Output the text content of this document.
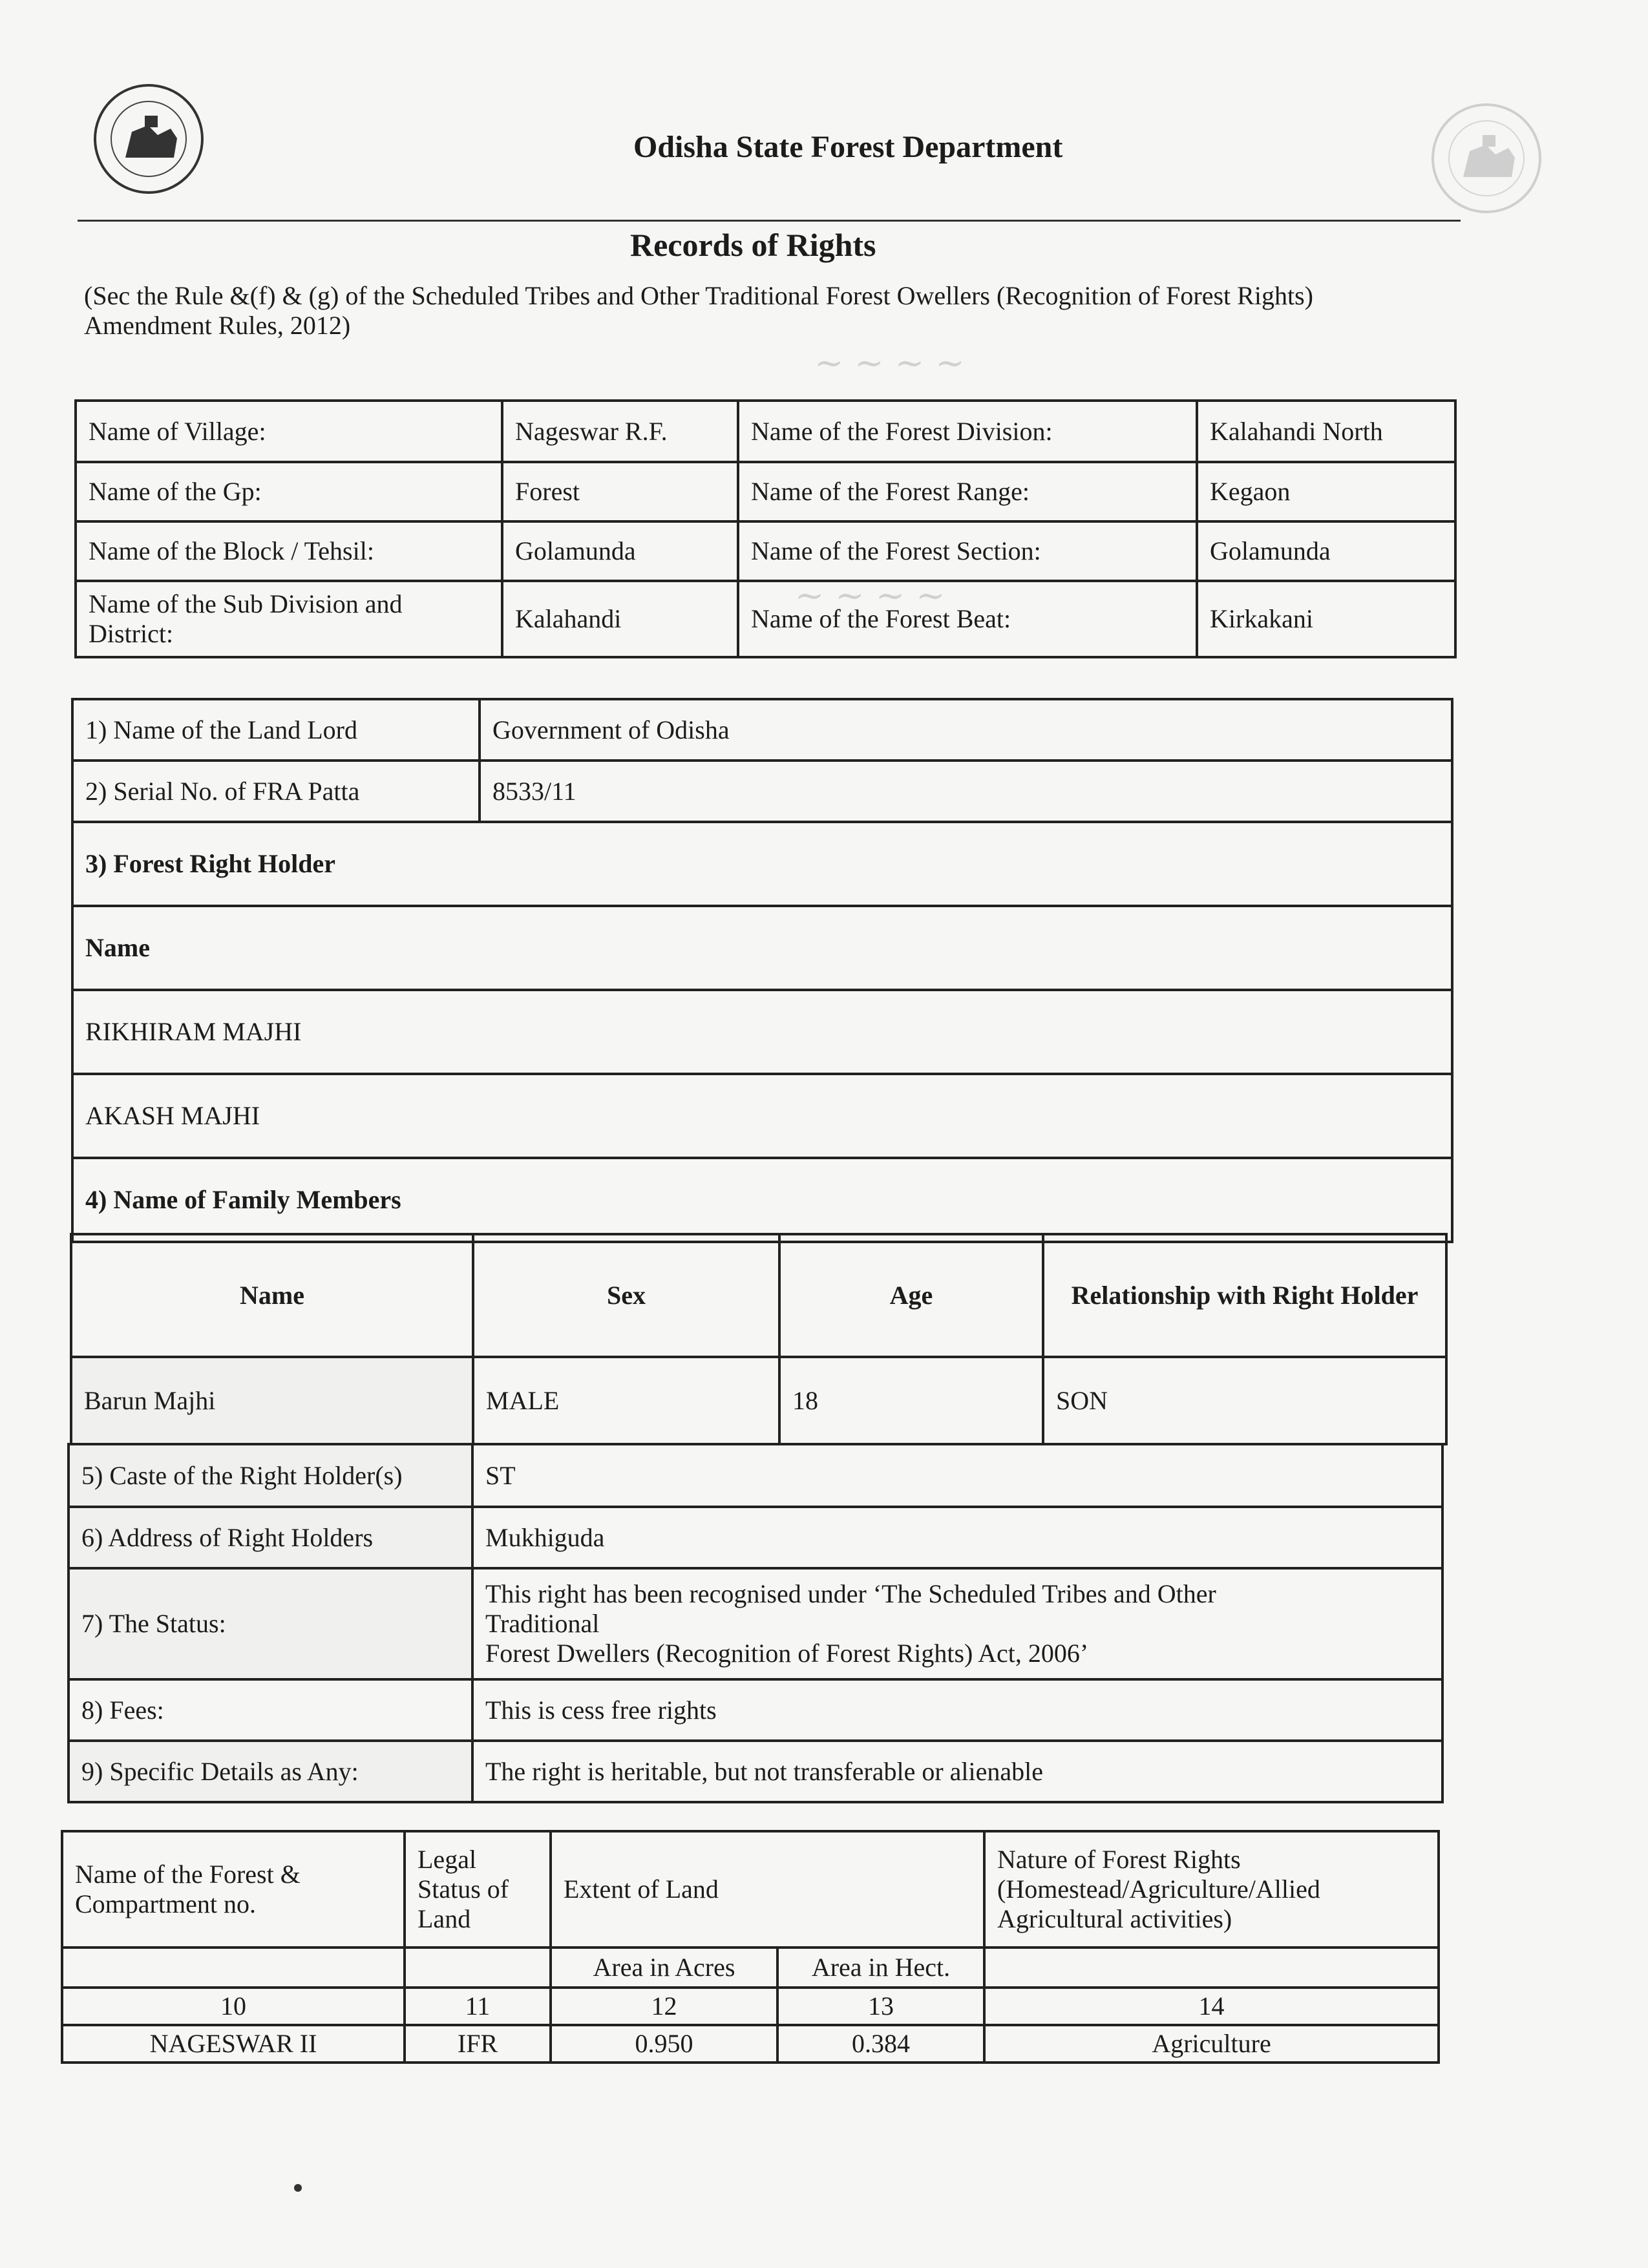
~ ~ ~ ~
~ ~ ~ ~
Odisha State Forest Department
Records of Rights
(Sec the Rule &(f) & (g) of the Scheduled Tribes and Other Traditional Forest Owellers (Recognition of Forest Rights) Amendment Rules, 2012)
Name of Village:	Nageswar R.F.	Name of the Forest Division:	Kalahandi North
Name of the Gp:	Forest	Name of the Forest Range:	Kegaon
Name of the Block / Tehsil:	Golamunda	Name of the Forest Section:	Golamunda
Name of the Sub Division and District:	Kalahandi	Name of the Forest Beat:	Kirkakani
1) Name of the Land Lord	Government of Odisha
2) Serial No. of FRA Patta	8533/11
3) Forest Right Holder	
Name	
RIKHIRAM MAJHI	
AKASH MAJHI	
4) Name of Family Members	
Name	Sex	Age	Relationship with Right Holder
Barun Majhi	MALE	18	SON
5) Caste of the Right Holder(s)	ST
6) Address of Right Holders	Mukhiguda
7) The Status:	This right has been recognised under ‘The Scheduled Tribes and Other
Traditional
Forest Dwellers (Recognition of Forest Rights) Act, 2006’

8) Fees:	This is cess free rights
9) Specific Details as Any:	The right is heritable, but not transferable or alienable
Name of the Forest & Compartment no.	Legal Status of Land	Extent of Land		Nature of Forest Rights (Homestead/Agriculture/Allied Agricultural activities)
		Area in Acres	Area in Hect.	
10	11	12	13	14
NAGESWAR II	IFR	0.950	0.384	Agriculture
